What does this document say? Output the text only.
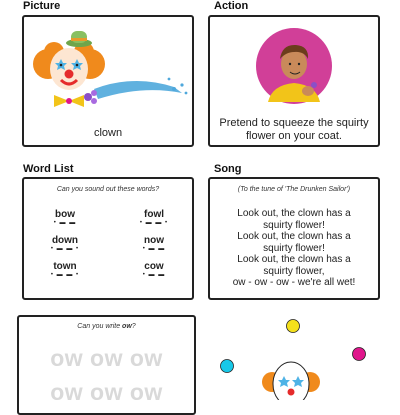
Picture
clown
Action
Pretend to squeeze the squirty
flower on your coat.
Word List
Can you sound out these words?
bow
• ▬ ▬
fowl
• ▬ ▬ •
down
• ▬ ▬ •
now
• ▬ ▬
town
• ▬ ▬ •
cow
• ▬ ▬
Song
(To the tune of 'The Drunken Sailor')
Look out, the clown has a
squirty flower!
Look out, the clown has a
squirty flower!
Look out, the clown has a
squirty flower,
ow - ow - ow - we're all wet!
Can you write ow?
ow ow ow
ow ow ow
